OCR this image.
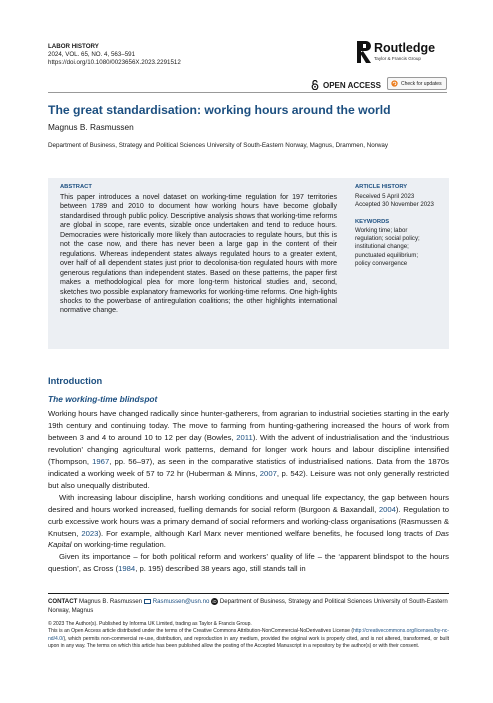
LABOR HISTORY
2024, VOL. 65, NO. 4, 563–591
https://doi.org/10.1080/0023656X.2023.2291512
Routledge
Taylor & Francis Group
OPEN ACCESS	Check for updates
The great standardisation: working hours around the world
Magnus B. Rasmussen
Department of Business, Strategy and Political Sciences University of South-Eastern Norway, Magnus, Drammen, Norway
ABSTRACT
This paper introduces a novel dataset on working-time regulation for 197 territories between 1789 and 2010 to document how working hours have become globally standardised through public policy. Descriptive analysis shows that working-time reforms are global in scope, rare events, sizable once undertaken and tend to reduce hours. Democracies were historically more likely than autocracies to regulate hours, but this is not the case now, and there has never been a large gap in the content of their regulations. Whereas independent states always regulated hours to a greater extent, over half of all dependent states just prior to decolonisa-tion regulated hours with more generous regulations than independent states. Based on these patterns, the paper first makes a methodological plea for more long-term historical studies and, second, sketches two possible explanatory frameworks for working-time reforms. One high-lights shocks to the powerbase of antiregulation coalitions; the other highlights international normative change.
ARTICLE HISTORY
Received 5 April 2023
Accepted 30 November 2023
KEYWORDS
Working time; labor
regulation; social policy;
institutional change;
punctuated equilibrium;
policy convergence
Introduction
The working-time blindspot

Working hours have changed radically since hunter-gatherers, from agrarian to industrial societies starting in the early 19th century and continuing today. The move to farming from hunting-gathering increased the hours of work from between 3 and 4 to around 10 to 12 per day (Bowles, 2011). With the advent of industrialisation and the ‘industrious revolution’ changing agricultural work patterns, demand for longer work hours and labour discipline intensified (Thompson, 1967, pp. 56–97), as seen in the comparative statistics of industrialised nations. Data from the 1870s indicated a working week of 57 to 72 hr (Huberman & Minns, 2007, p. 542). Leisure was not only generally restricted but also unequally distributed.

With increasing labour discipline, harsh working conditions and unequal life expectancy, the gap between hours desired and hours worked increased, fuelling demands for social reform (Burgoon & Baxandall, 2004). Regulation to curb excessive work hours was a primary demand of social reformers and working-class organisations (Rasmussen & Knutsen, 2023). For example, although Karl Marx never mentioned welfare benefits, he focused long tracts of Das Kapital on working-time regulation.

Given its importance – for both political reform and workers’ quality of life – the ‘apparent blindspot to the hours question’, as Cross (1984, p. 195) described 38 years ago, still stands tall in

CONTACT Magnus B. Rasmussen Rasmussen@usn.no iD Department of Business, Strategy and Political Sciences University of South-Eastern Norway, Magnus
© 2023 The Author(s). Published by Informa UK Limited, trading as Taylor & Francis Group.
This is an Open Access article distributed under the terms of the Creative Commons Attribution-NonCommercial-NoDerivatives License (http://creativecommons.org/licenses/by-nc-nd/4.0/), which permits non-commercial re-use, distribution, and reproduction in any medium, provided the original work is properly cited, and is not altered, transformed, or built upon in any way. The terms on which this article has been published allow the posting of the Accepted Manuscript in a repository by the author(s) or with their consent.
